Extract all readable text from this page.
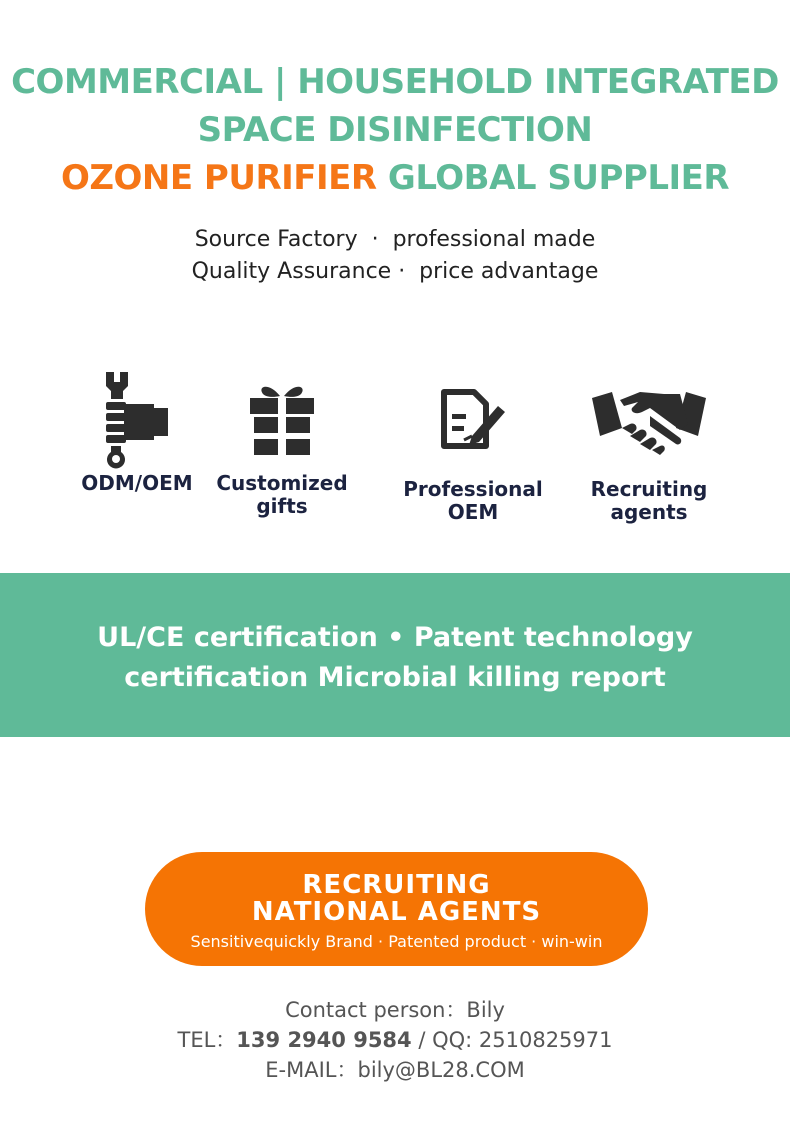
COMMERCIAL | HOUSEHOLD INTEGRATED
SPACE DISINFECTION
OZONE PURIFIER GLOBAL SUPPLIER
Source Factory  ·  professional made
Quality Assurance ·  price advantage
ODM/OEM	Customized
gifts
Professional
OEM
Recruiting
agents
UL/CE certification • Patent technology
certification Microbial killing report
RECRUITING
NATIONAL AGENTS
Sensitivequickly Brand · Patented product · win-win
Contact person：Bily
TEL：139 2940 9584 / QQ: 2510825971
E-MAIL：bily@BL28.COM
